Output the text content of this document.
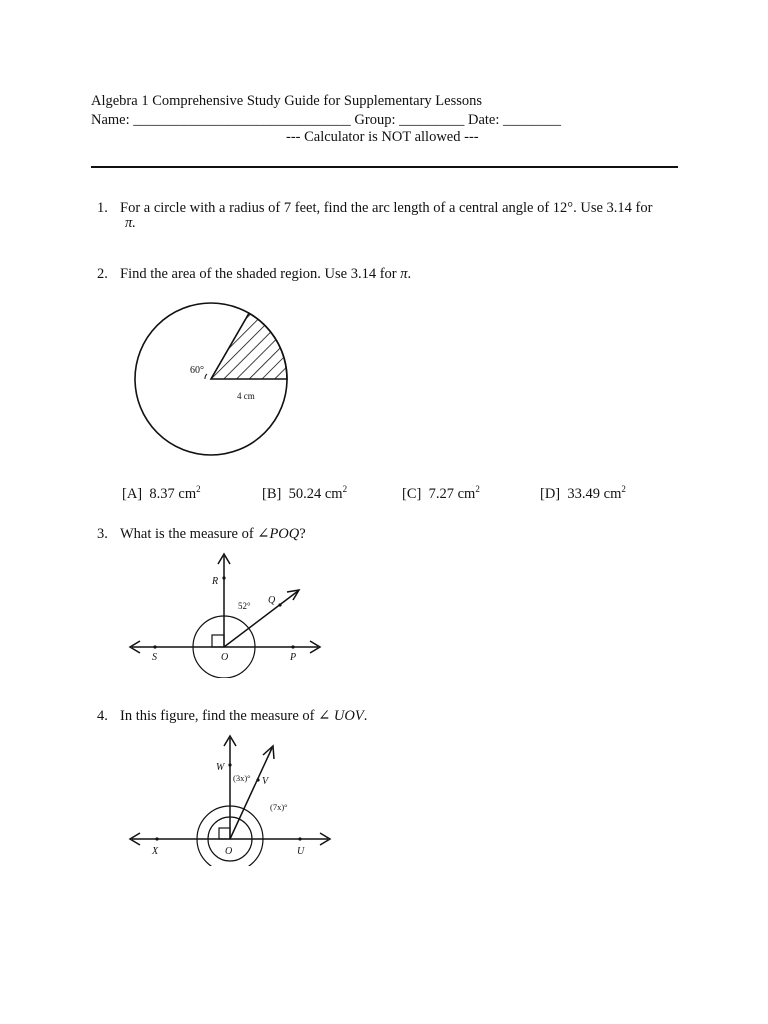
Algebra 1 Comprehensive Study Guide for Supplementary Lessons
Name: ______________________________ Group: _________ Date: ________
--- Calculator is NOT allowed ---
1. For a circle with a radius of 7 feet, find the arc length of a central angle of 12°. Use 3.14 for
π.
2. Find the area of the shaded region. Use 3.14 for π.
60°
4 cm
[A] 8.37 $cm^2$	[B] 50.24 $cm^2$	[C] 7.27 $cm^2$	[D] 33.49 $cm^2$
3. What is the measure of ∠POQ?
R
Q
52°
S	O	P
4. In this figure, find the measure of ∠ UOV.
W
(3x)° V
(7x)°
X	O	U
